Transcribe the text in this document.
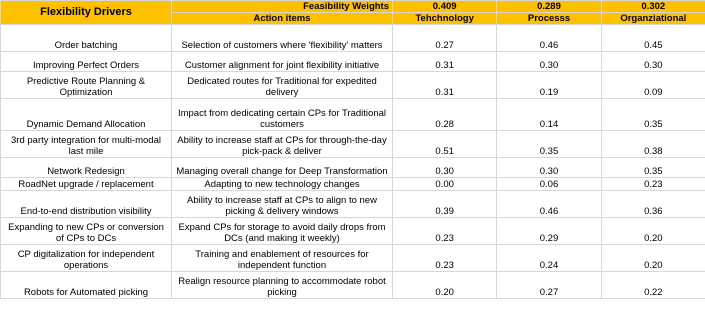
Flexibility Drivers	Feasibility Weights	0.409	0.289	0.302
	Action items	Tehchnology	Processs	Organziational
Order batching	Selection of customers where 'flexibility' matters	0.27	0.46	0.45
Improving Perfect Orders	Customer alignment for joint flexibility initiative	0.31	0.30	0.30
Predictive Route Planning & Optimization	Dedicated routes for Traditional for expedited delivery	0.31	0.19	0.09
Dynamic Demand Allocation	Impact from dedicating certain CPs for Traditional customers	0.28	0.14	0.35
3rd party integration for multi-modal last mile	Ability to increase staff at CPs for through-the-day pick-pack & deliver	0.51	0.35	0.38
Network Redesign	Managing overall change for Deep Transformation	0.30	0.30	0.35
RoadNet upgrade / replacement	Adapting to new technology changes	0.00	0.06	0.23
End-to-end distribution visibility	Ability to increase staff at CPs to align to new picking & delivery windows	0.39	0.46	0.36
Expanding to new CPs or conversion of CPs to DCs	Expand CPs for storage to avoid daily drops from DCs (and making it weekly)	0.23	0.29	0.20
CP digitalization for independent operations	Training and enablement of resources for independent function	0.23	0.24	0.20
Robots for Automated picking	Realign resource planning to accommodate robot picking	0.20	0.27	0.22
